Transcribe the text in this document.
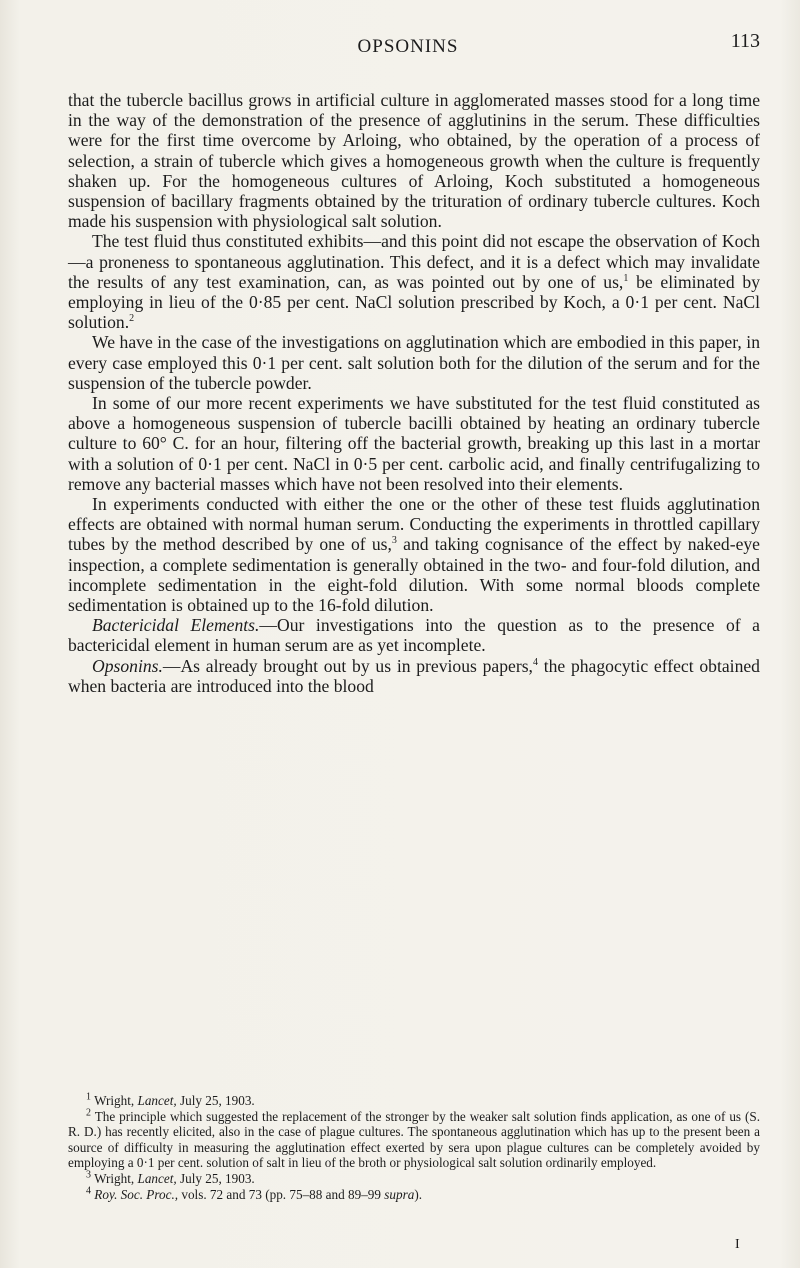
OPSONINS	113

that the tubercle bacillus grows in artificial culture in agglomerated masses stood for a long time in the way of the demonstration of the presence of agglutinins in the serum. These difficulties were for the first time overcome by Arloing, who obtained, by the operation of a process of selection, a strain of tubercle which gives a homogeneous growth when the culture is frequently shaken up. For the homogeneous cultures of Arloing, Koch substituted a homogeneous suspension of bacillary fragments obtained by the trituration of ordinary tubercle cultures. Koch made his suspension with physiological salt solution.

The test fluid thus constituted exhibits—and this point did not escape the observation of Koch—a proneness to spontaneous agglutination. This defect, and it is a defect which may invalidate the results of any test examination, can, as was pointed out by one of us,$^1$ be eliminated by employing in lieu of the 0·85 per cent. NaCl solution prescribed by Koch, a 0·1 per cent. NaCl solution.$^2$

We have in the case of the investigations on agglutination which are embodied in this paper, in every case employed this 0·1 per cent. salt solution both for the dilution of the serum and for the suspension of the tubercle powder.

In some of our more recent experiments we have substituted for the test fluid constituted as above a homogeneous suspension of tubercle bacilli obtained by heating an ordinary tubercle culture to 60° C. for an hour, filtering off the bacterial growth, breaking up this last in a mortar with a solution of 0·1 per cent. NaCl in 0·5 per cent. carbolic acid, and finally centrifugalizing to remove any bacterial masses which have not been resolved into their elements.

In experiments conducted with either the one or the other of these test fluids agglutination effects are obtained with normal human serum. Conducting the experiments in throttled capillary tubes by the method described by one of us,$^3$ and taking cognisance of the effect by naked-eye inspection, a complete sedimentation is generally obtained in the two- and four-fold dilution, and incomplete sedimentation in the eight-fold dilution. With some normal bloods complete sedimentation is obtained up to the 16-fold dilution.

Bactericidal Elements.—Our investigations into the question as to the presence of a bactericidal element in human serum are as yet incomplete.

Opsonins.—As already brought out by us in previous papers,$^4$ the phagocytic effect obtained when bacteria are introduced into the blood

$^1$ Wright, Lancet, July 25, 1903.

$^2$ The principle which suggested the replacement of the stronger by the weaker salt solution finds application, as one of us (S. R. D.) has recently elicited, also in the case of plague cultures. The spontaneous agglutination which has up to the present been a source of difficulty in measuring the agglutination effect exerted by sera upon plague cultures can be completely avoided by employing a 0·1 per cent. solution of salt in lieu of the broth or physiological salt solution ordinarily employed.

$^3$ Wright, Lancet, July 25, 1903.

$^4$ Roy. Soc. Proc., vols. 72 and 73 (pp. 75–88 and 89–99 supra).

I
